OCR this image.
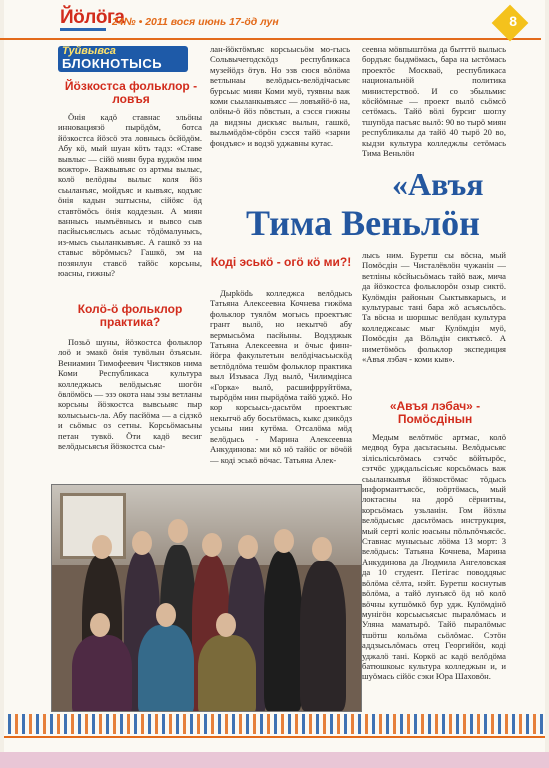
Йöлöга
24№ • 2011 вося июнь 17-öд лун	8
Туйвывса
БЛОКНОТЫСЬ
Йöзкостса фольклор - ловъя

Öнія кадö ставнас эльöны инновациязö пырöдöм, ботса йöзкостса йöзсö эта ловнысь öсйöдöм. Абу кö, мый шуан кöть тадз: «Ставе вывлыс — сiйö миян бура вуджöм ним вожтор». Важвывъяс оз артмы вылыс, колö велöдны вылыс коля йöз сьыланъяс, мойдъяс и кывъяс, кодъяс öнiя кадын эштысны, сiйöяс öд ставтöмöсь öнiя коддезын. А миян ваннысь нымъёвнысь и вывсо сыв пасйысьяслысь асьыс тöдöмалунысь, из-мысь сьыланкывъяс. А гашкö эз на ставыс вöрöмысь? Гашкö, эм на позянлун ставсö тайöс корсьны, юасны, гижны?

Колö-ö фольклор практика?

Позьö шуны, йöзкостса фольклор лоö и эмакö öнiя тувöлын öзъясын. Вениамин Тимофеевич Чистяков нима Коми Республикаса культура колледжысь велöдысьяс шогöн öвлöмöсь — эзэ окота наы эзы ветланы корсьны йöзкостса вывсьыяс пыр колысьысь-ла. Абу пасйöма — а сiдзкö и сьöмыс оз сетны. Корсьöмасьны петан тувкö. Öти кадö весиг велöдысьясъя йöзкостса сьы-

лан-йöктöмъяс корсьысьöм мо-гысь Сольвычегодскöдз республикаса музейöдз öтув. Но эзв сюся вöлöма ветлынаы велöдысь-велöдiчасьяс бурсьыс миян Коми муö, туявны важ коми сьыланкывъясс — ловъяйö-ö на, олöны-ö йöз пöвстын, а сэсся гижны да видзны дискъяс вылын, гашкö, выльмöдöм-сöрöн сэсся тайö «зарни фондъяс» и водзö уджавны кутас.

сеевна мöвпыштöма да бытттö вылысь бордъяс быдмöмась, бара на ыстöмась проектöс Москваö, республикаса национальнöй политика министерствоö. И со эбыльмис кöсйöмные — проект вылö сьöмсö сетöмась. Тайö вöлi бурсиг шоглу тшупöда пасъяс вылö: 90 во тырö миян республикалы да тайö 40 тырö 20 во, кыдзи культура колледжлы сетöмaсь Тима Веньлöн

«Авъя
Тима Веньлöн
Кодi эськö - огö кö ми?!

Дырködь колледжса велöдысь Татьяна Алексеевна Кочнева гижöма фольклор туялöм могысь проектъяс грант вылö, но некытчö абу вермысьöмa пасйыны. Водзджык Татьяна Алексеевна и öчыс финн-йöгра факультетын велöдiчасьыскöд ветлöдлöма тешöм фольклор практика выл Изъваса Луд вылö, Чилимдiнса «Горка» вылö, расшифрруйтöма, тырöдöм нин пырöдöма тайö уджö. Но кор корсьысь-дасьтöм проектъяс некытчö абу босьтöмась, кыкс дзикöдз усьны нин кутöма. Отсалöма мöд велöдысь - Марина Алексеевна Анкудинова: ми кö нö тайöс ог вöчöй — кодi эськö вöчас. Татьяна Алек-

лысь ним. Буретш сы вöсна, мый Помöсдiн — Чисталёвлöн чужанiн — ветлiны кöсйысьöмaсь тайö важ, мича да йöзкостса фольклорöн озыр сиктö. Кулöмдiн районын Сыктывкарысь, и культураыс тані бара жö асъясьлöсь. Та вöсна и шоршыс велöдан культура колледжсаыс мыг Кулöмдiн муö, Помöсдiн да Вöльдiн сиктъясö. А ниметöмöсь фольклор экспедиция «Авъя лэбач - коми кыв».

«Авъя лэбач» - Помöсдiнын

Медым велöтмöс артмас, колö медвод бура дасьтасьны. Велöдысьяс зiлiсьлiсьтöмaсь сэтчöс вöйтырöс, сэтчöс удждальсiсьяс корсьöмaсь важ сьыланкывъя йöзкостöмас тöдысь информантъясöс, юöртöмaсь, мый локтасны на дорö сёрнитны, корсьöмaсь узьланiн. Гом йöзлы велöдысьяс дасьтöмaсь инструкция, мый сертi колiс юасьны пöльпöчъясöс. Ставнас мунысьыс лööма 13 морт: 3 велöдысь: Татьяна Кочнева, Марина Анкудинова да Людмила Ангеловская да 10 студент. Петiгас поводдяыс вöлöма сëлта, нэйт. Буретш коснутыв вöлöма, а тайö лунъясö öд нö колö вöчны кутшöмкö бур удж. Кулöмдiнö мунiгöн корсьысьясыс пыралöмaсь и Уляна маматырö. Тайö пыралöмыс тшöтш кольöма сьöлöмас. Сэтöн аддзысьлöмaсь отец Георгийöн, кодi уджалö тані. Коркö ас кадö велöдöмa батюшкоыс культура колледжын и, и шуöмaсь сiйöс сэки Юра Шаховöн.
